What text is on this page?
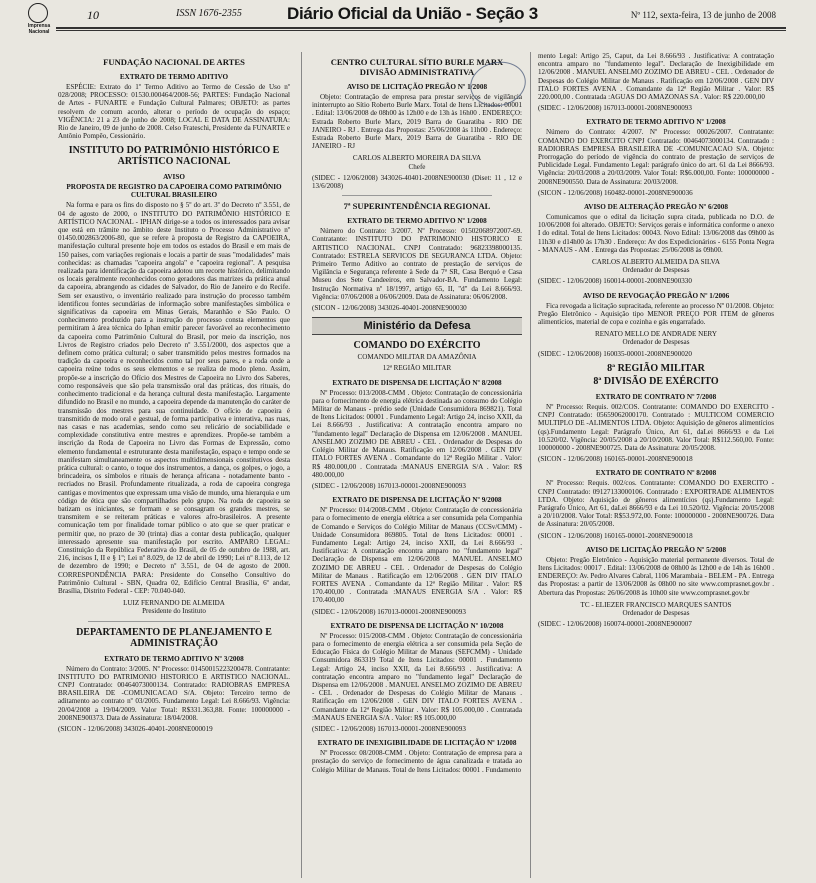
Imprensa Nacional
10	ISSN 1676-2355	Diário Oficial da União - Seção 3	Nº 112, sexta-feira, 13 de junho de 2008
FUNDAÇÃO NACIONAL DE ARTES
EXTRATO DE TERMO ADITIVO

ESPÉCIE: Extrato do 1º Termo Aditivo ao Termo de Cessão de Uso nº 028/2008; PROCESSO: 01530.000464/2008-56; PARTES: Fundação Nacional de Artes - FUNARTE e Fundação Cultural Palmares; OBJETO: as partes resolvem de comum acordo, alterar o período de ocupação do espaço; VIGÊNCIA: 21 a 23 de junho de 2008; LOCAL E DATA DE ASSINATURA: Rio de Janeiro, 09 de junho de 2008. Celso Frateschi, Presidente da FUNARTE e Antônio Pompêo, Cessionário.

INSTITUTO DO PATRIMÔNIO HISTÓRICO E ARTÍSTICO NACIONAL
AVISO
PROPOSTA DE REGISTRO DA CAPOEIRA COMO PATRIMÔNIO CULTURAL BRASILEIRO

Na forma e para os fins do disposto no § 5º do art. 3º do Decreto nº 3.551, de 04 de agosto de 2000, o INSTITUTO DO PATRIMÔNIO HISTÓRICO E ARTÍSTICO NACIONAL - IPHAN dirige-se a todos os interessados para avisar que está em trâmite no âmbito deste Instituto o Processo Administrativo nº 01450.002863/2006-80, que se refere à proposta de Registro da CAPOEIRA, manifestação cultural presente hoje em todos os estados do Brasil e em mais de 150 países, com variações regionais e locais a partir de suas "modalidades" mais conhecidas: as chamadas "capoeira angola" e "capoeira regional". A pesquisa realizada para identificação da capoeira adotou um recorte histórico, delimitando os locais geralmente reconhecidos como geradores das matrizes da prática atual da capoeira, abrangendo as cidades de Salvador, do Rio de Janeiro e do Recife. Sem ser exaustivo, o inventário realizado para instrução do processo também identificou fontes secundárias de informação sobre manifestações simbólica e significativas da capoeira em Minas Gerais, Maranhão e São Paulo. O conhecimento produzido para a instrução do processo consta elementos que permitiram à área técnica do Iphan emitir parecer favorável ao reconhecimento da capoeira como Patrimônio Cultural do Brasil, por meio da inscrição, nos Livros de Registro criados pelo Decreto nº 3.551/2000, dos aspectos que a definem como prática cultural; o saber transmitido pelos mestres formados na tradição da capoeira e reconhecidos como tal por seus pares, e a roda onde a capoeira reúne todos os seus elementos e se realiza de modo pleno. Assim, propõe-se a inscrição do Ofício dos Mestres de Capoeira no Livro dos Saberes, como responsáveis que são pela transmissão oral das práticas, dos rituais, do conhecimento tradicional e da herança cultural desta manifestação. Largamente difundido no Brasil e no mundo, a capoeira depende da manutenção do caráter de transmissão dos mestres para sua continuidade. O ofício de capoeira é transmitido de modo oral e gestual, de forma participativa e interativa, nas ruas, nas casas e nas academias, sendo como seu relicário de sociabilidade e complexidade constitutiva entre mestres e aprendizes. Propõe-se também a inscrição da Roda de Capoeira no Livro das Formas de Expressão, como elemento fundamental e estruturante desta manifestação, espaço e tempo onde se manifestam simultaneamente os aspectos multidimensionais constitutivos desta prática cultural: o canto, o toque dos instrumentos, a dança, os golpes, o jogo, a brincadeira, os símbolos e rituais de herança africana - notadamente banto - recriados no Brasil. Profundamente ritualizada, a roda de capoeira congrega cantigas e movimentos que expressam uma visão de mundo, uma hierarquia e um código de ética que são compartilhados pelo grupo. Na roda de capoeira se batizam os iniciantes, se formam e se consagram os grandes mestres, se transmitem e se reiteram práticas e valores afro-brasileiros. A presente comunicação tem por finalidade tornar público o ato que se quer praticar e permitir que, no prazo de 30 (trinta) dias a contar desta publicação, qualquer interessado apresente sua manifestação por escrito. AMPARO LEGAL: Constituição da República Federativa do Brasil, de 05 de outubro de 1988, art. 216, incisos I, II e § 1º; Lei nº 8.029, de 12 de abril de 1990; Lei nº 8.113, de 12 de dezembro de 1990; e Decreto nº 3.551, de 04 de agosto de 2000. CORRESPONDÊNCIA PARA: Presidente do Conselho Consultivo do Patrimônio Cultural - SBN, Quadra 02, Edifício Central Brasília, 6º andar, Brasília, Distrito Federal - CEP: 70.040-040.

LUIZ FERNANDO DE ALMEIDA

Presidente do Instituto

DEPARTAMENTO DE PLANEJAMENTO E ADMINISTRAÇÃO
EXTRATO DE TERMO ADITIVO Nº 3/2008

Número do Contrato: 3/2005. Nº Processo: 01450015223200478. Contratante: INSTITUTO DO PATRIMONIO HISTORICO E ARTISTICO NACIONAL. CNPJ Contratado: 00464073000134. Contratado: RADIOBRAS EMPRESA BRASILEIRA DE -COMUNICACAO S/A. Objeto: Terceiro termo de aditamento ao contrato nº 03/2005. Fundamento Legal: Lei 8.666/93. Vigência: 20/04/2008 a 19/04/2009. Valor Total: R$331.363,88. Fonte: 100000000 - 2008NE900373. Data de Assinatura: 18/04/2008.

(SICON - 12/06/2008) 343026-40401-2008NE000019

CENTRO CULTURAL SÍTIO BURLE MARX DIVISÃO ADMINISTRATIVA
AVISO DE LICITAÇÃO PREGÃO Nº 1/2008

Objeto: Contratação de empresa para prestar serviços de vigilância ininterrupto ao Sítio Roberto Burle Marx. Total de Itens Licitados: 00001 . Edital: 13/06/2008 de 08h00 às 12h00 e de 13h às 16h00 . ENDEREÇO: Estrada Roberto Burle Marx, 2019 Barra de Guaratiba - RIO DE JANEIRO - RJ . Entrega das Propostas: 25/06/2008 às 11h00 . Endereço: Estrada Roberto Burle Marx, 2019 Barra de Guaratiba - RIO DE JANEIRO - RJ

CARLOS ALBERTO MOREIRA DA SILVA

Chefe

(SIDEC - 12/06/2008) 343026-40401-2008NE900030 (Diset: 11 , 12 e 13/6/2008)

7ª SUPERINTENDÊNCIA REGIONAL
EXTRATO DE TERMO ADITIVO Nº 1/2008

Número do Contrato: 3/2007. Nº Processo: 01502068972007-69. Contratante: INSTITUTO DO PATRIMONIO HISTORICO E ARTISTICO NACIONAL. CNPJ Contratado: 96823398000135. Contratado: ESTRELA SERVICOS DE SEGURANCA LTDA. Objeto: Primeiro Termo Aditivo ao contrato de prestação de serviços de Vigilância e Segurança referente à Sede da 7ª SR, Casa Berquó e Casa Museu dos Sete Candeeiros, em Salvador-BA. Fundamento Legal: Instrução Normativa nº 18/1997, artigo 65, II, "d" da Lei 8.666/93. Vigência: 07/06/2008 a 06/06/2009. Data de Assinatura: 06/06/2008.

(SICON - 12/06/2008) 343026-40401-2008NE900030

Ministério da Defesa
COMANDO DO EXÉRCITO

COMANDO MILITAR DA AMAZÔNIA

12ª REGIÃO MILITAR

EXTRATO DE DISPENSA DE LICITAÇÃO Nº 8/2008

Nº Processo: 013/2008-CMM . Objeto: Contratação de concessionária para o fornecimento de energia elétrica destinada ao consumo do Colégio Militar de Manaus - prédio sede (Unidade Consumidora 869821). Total de Itens Licitados: 00001 . Fundamento Legal: Artigo 24, inciso XXII, da Lei 8.666/93 . Justificativa: A contratação encontra amparo no "fundamento legal" Declaração de Dispensa em 12/06/2008 . MANUEL ANSELMO ZOZIMO DE ABREU - CEL . Ordenador de Despesas do Colégio Militar de Manaus. Ratificação em 12/06/2008 . GEN DIV ITALO FORTES AVENA . Comandante do 12ª Região Militar . Valor: R$ 480.000,00 . Contratada :MANAUS ENERGIA S/A . Valor: R$ 480.000,00

(SIDEC - 12/06/2008) 167013-00001-2008NE900093

EXTRATO DE DISPENSA DE LICITAÇÃO Nº 9/2008

Nº Processo: 014/2008-CMM . Objeto: Contratação de concessionária para o fornecimento de energia elétrica a ser consumida pela Companhia de Comando e Serviços do Colégio Militar de Manaus (CCSv/CMM) - Unidade Consumidora 869805. Total de Itens Licitados: 00001 . Fundamento Legal: Artigo 24, inciso XXII, da Lei 8.666/93 . Justificativa: A contratação encontra amparo no "fundamento legal" Declaração de Dispensa em 12/06/2008 . MANUEL ANSELMO ZOZIMO DE ABREU - CEL . Ordenador de Despesas do Colégio Militar de Manaus . Ratificação em 12/06/2008 . GEN DIV ITALO FORTES AVENA . Comandante da 12ª Região Militar . Valor: R$ 170.400,00 . Contratada :MANAUS ENERGIA S/A . Valor: R$ 170.400,00

(SIDEC - 12/06/2008) 167013-00001-2008NE900093

EXTRATO DE DISPENSA DE LICITAÇÃO Nº 10/2008

Nº Processo: 015/2008-CMM . Objeto: Contratação de concessionária para o fornecimento de energia elétrica a ser consumida pela Seção de Educação Física do Colégio Militar de Manaus (SEFCMM) - Unidade Consumidora 863319 Total de Itens Licitados: 00001 . Fundamento Legal: Artigo 24, inciso XXII, da Lei 8.666/93 . Justificativa: A contratação encontra amparo no "fundamento legal" Declaração de Dispensa em 12/06/2008 . MANUEL ANSELMO ZOZIMO DE ABREU - CEL . Ordenador de Despesas do Colégio Militar de Manaus . Ratificação em 12/06/2008 . GEN DIV ITALO FORTES AVENA . Comandante da 12ª Região Militar . Valor: R$ 105.000,00 . Contratada :MANAUS ENERGIA S/A . Valor: R$ 105.000,00

(SIDEC - 12/06/2008) 167013-00001-2008NE900093

EXTRATO DE INEXIGIBILIDADE DE LICITAÇÃO Nº 1/2008

Nº Processo: 08/2008-CMM . Objeto: Contratação de empresa para a prestação do serviço de fornecimento de água canalizada e tratada ao Colégio Militar de Manaus. Total de Itens Licitados: 00001 . Fundamento

mento Legal: Artigo 25, Caput, da Lei 8.666/93 . Justificativa: A contratação encontra amparo no "fundamento legal". Declaração de Inexigibilidade em 12/06/2008 . MANUEL ANSELMO ZOZIMO DE ABREU - CEL . Ordenador de Despesas do Colégio Militar de Manaus . Ratificação em 12/06/2008 . GEN DIV ITALO FORTES AVENA . Comandante da 12ª Região Militar . Valor: R$ 220.000,00 . Contratada :AGUAS DO AMAZONAS SA . Valor: R$ 220.000,00

(SIDEC - 12/06/2008) 167013-00001-2008NE900093

EXTRATO DE TERMO ADITIVO Nº 1/2008

Número do Contrato: 4/2007. Nº Processo: 00026/2007. Contratante: COMANDO DO EXERCITO CNPJ Contratado: 00464073000134. Contratado : RADIOBRAS EMPRESA BRASILEIRA DE -COMUNICACAO S/A. Objeto: Prorrogação do período de vigência do contrato de prestação de serviços de Publicidade Legal. Fundamento Legal: parágrafo único do art. 61 da Lei 8666/93. Vigência: 20/03/2008 a 20/03/2009. Valor Total: R$6.000,00. Fonte: 100000000 - 2008NE900550. Data de Assinatura: 20/03/2008.

(SICON - 12/06/2008) 160482-00001-2008NE900036

AVISO DE ALTERAÇÃO PREGÃO Nº 6/2008

Comunicamos que o edital da licitação supra citada, publicada no D.O. de 10/06/2008 foi alterado. OBJETO: Serviços gerais e informática conforme o anexo I do edital. Total de Itens Licitados: 00043. Novo Edital: 13/06/2008 das 09h00 às 11h30 e d14h00 às 17h30 . Endereço: Av dos Expedicionários - 6155 Ponta Negra - MANAUS - AM . Entrega das Propostas: 25/06/2008 às 09h00.

CARLOS ALBERTO ALMEIDA DA SILVA

Ordenador de Despesas

(SIDEC - 12/06/2008) 160014-00001-2008NE900330

AVISO DE REVOGAÇÃO PREGÃO Nº 1/2006

Fica revogada a licitação supracitada, referente ao processo Nº 01/2008. Objeto: Pregão Eletrônico - Aquisição tipo MENOR PREÇO POR ITEM de gêneros alimentícios, material de copa e cozinha e gás engarrafado.

RENATO MELLO DE ANDRADE NERY

Ordenador de Despesas

(SIDEC - 12/06/2008) 160035-00001-2008NE900020

8ª REGIÃO MILITAR
8ª DIVISÃO DE EXÉRCITO
EXTRATO DE CONTRATO Nº 7/2008

Nº Processo: Requis. 002/COS. Contratante: COMANDO DO EXERCITO -CNPJ Contratado: 05659062000170. Contratado : MULTICOM COMERCIO MULTIPLO DE -ALIMENTOS LTDA. Objeto: Aquisição de gêneros alimentícios (qs).Fundamento Legal: Parágrafo Único, Art 61, daLei 8666/93 e da Lei 10.520/02. Vigência: 20/05/2008 a 20/10/2008. Valor Total: R$112.560,00. Fonte: 100000000 - 2008NE900725. Data de Assinatura: 20/05/2008.

(SICON - 12/06/2008) 160165-00001-2008NE900018

EXTRATO DE CONTRATO Nº 8/2008

Nº Processo: Requis. 002/cos. Contratante: COMANDO DO EXERCITO -CNPJ Contratado: 09127133000106. Contratado : EXPORTRADE ALIMENTOS LTDA. Objeto: Aquisição de gêneros alimentícios (qs).Fundamento Legal: Parágrafo Único, Art 61, daLei 8666/93 e da Lei 10.520/02. Vigência: 20/05/2008 a 20/10/2008. Valor Total: R$53.972,00. Fonte: 100000000 - 2008NE900726. Data de Assinatura: 20/05/2008.

(SICON - 12/06/2008) 160165-00001-2008NE900018

AVISO DE LICITAÇÃO PREGÃO Nº 5/2008

Objeto: Pregão Eletrônico - Aquisição material permanente diversos. Total de Itens Licitados: 00017 . Edital: 13/06/2008 de 08h00 às 12h00 e de 14h às 16h00 . ENDEREÇO: Av. Pedro Alvares Cabral, 1106 Marambaia - BELEM - PA . Entrega das Propostas: a partir de 13/06/2008 às 08h00 no site www.comprasnet.gov.br . Abertura das Propostas: 26/06/2008 às 10h00 site www.comprasnet.gov.br

TC - ELIEZER FRANCISCO MARQUES SANTOS

Ordenador de Despesas

(SIDEC - 12/06/2008) 160074-00001-2008NE900007
